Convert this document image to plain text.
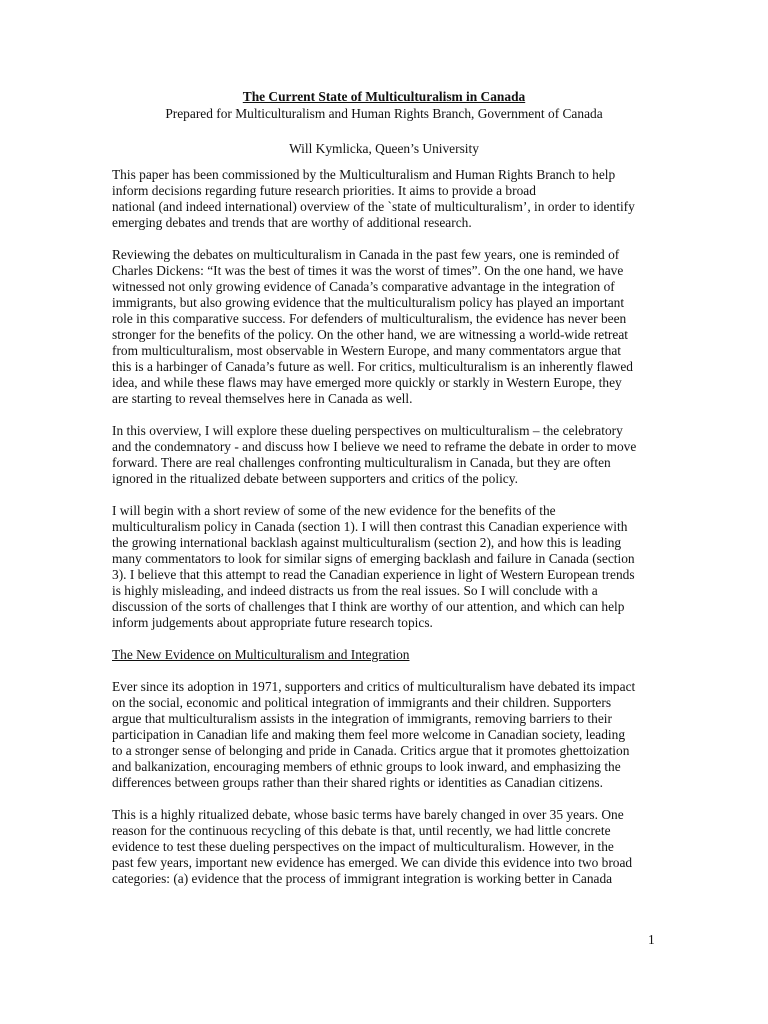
The Current State of Multiculturalism in Canada

Prepared for Multiculturalism and Human Rights Branch, Government of Canada

Will Kymlicka, Queen’s University

This paper has been commissioned by the Multiculturalism and Human Rights Branch to help
inform decisions regarding future research priorities. It aims to provide a broad
national (and indeed international) overview of the `state of multiculturalism’, in order to identify
emerging debates and trends that are worthy of additional research.
Reviewing the debates on multiculturalism in Canada in the past few years, one is reminded of
Charles Dickens: “It was the best of times it was the worst of times”. On the one hand, we have
witnessed not only growing evidence of Canada’s comparative advantage in the integration of
immigrants, but also growing evidence that the multiculturalism policy has played an important
role in this comparative success. For defenders of multiculturalism, the evidence has never been
stronger for the benefits of the policy. On the other hand, we are witnessing a world-wide retreat
from multiculturalism, most observable in Western Europe, and many commentators argue that
this is a harbinger of Canada’s future as well. For critics, multiculturalism is an inherently flawed
idea, and while these flaws may have emerged more quickly or starkly in Western Europe, they
are starting to reveal themselves here in Canada as well.
In this overview, I will explore these dueling perspectives on multiculturalism – the celebratory
and the condemnatory - and discuss how I believe we need to reframe the debate in order to move
forward. There are real challenges confronting multiculturalism in Canada, but they are often
ignored in the ritualized debate between supporters and critics of the policy.
I will begin with a short review of some of the new evidence for the benefits of the
multiculturalism policy in Canada (section 1). I will then contrast this Canadian experience with
the growing international backlash against multiculturalism (section 2), and how this is leading
many commentators to look for similar signs of emerging backlash and failure in Canada (section
3). I believe that this attempt to read the Canadian experience in light of Western European trends
is highly misleading, and indeed distracts us from the real issues. So I will conclude with a
discussion of the sorts of challenges that I think are worthy of our attention, and which can help
inform judgements about appropriate future research topics.
The New Evidence on Multiculturalism and Integration
Ever since its adoption in 1971, supporters and critics of multiculturalism have debated its impact
on the social, economic and political integration of immigrants and their children. Supporters
argue that multiculturalism assists in the integration of immigrants, removing barriers to their
participation in Canadian life and making them feel more welcome in Canadian society, leading
to a stronger sense of belonging and pride in Canada. Critics argue that it promotes ghettoization
and balkanization, encouraging members of ethnic groups to look inward, and emphasizing the
differences between groups rather than their shared rights or identities as Canadian citizens.
This is a highly ritualized debate, whose basic terms have barely changed in over 35 years. One
reason for the continuous recycling of this debate is that, until recently, we had little concrete
evidence to test these dueling perspectives on the impact of multiculturalism. However, in the
past few years, important new evidence has emerged. We can divide this evidence into two broad
categories: (a) evidence that the process of immigrant integration is working better in Canada
1
